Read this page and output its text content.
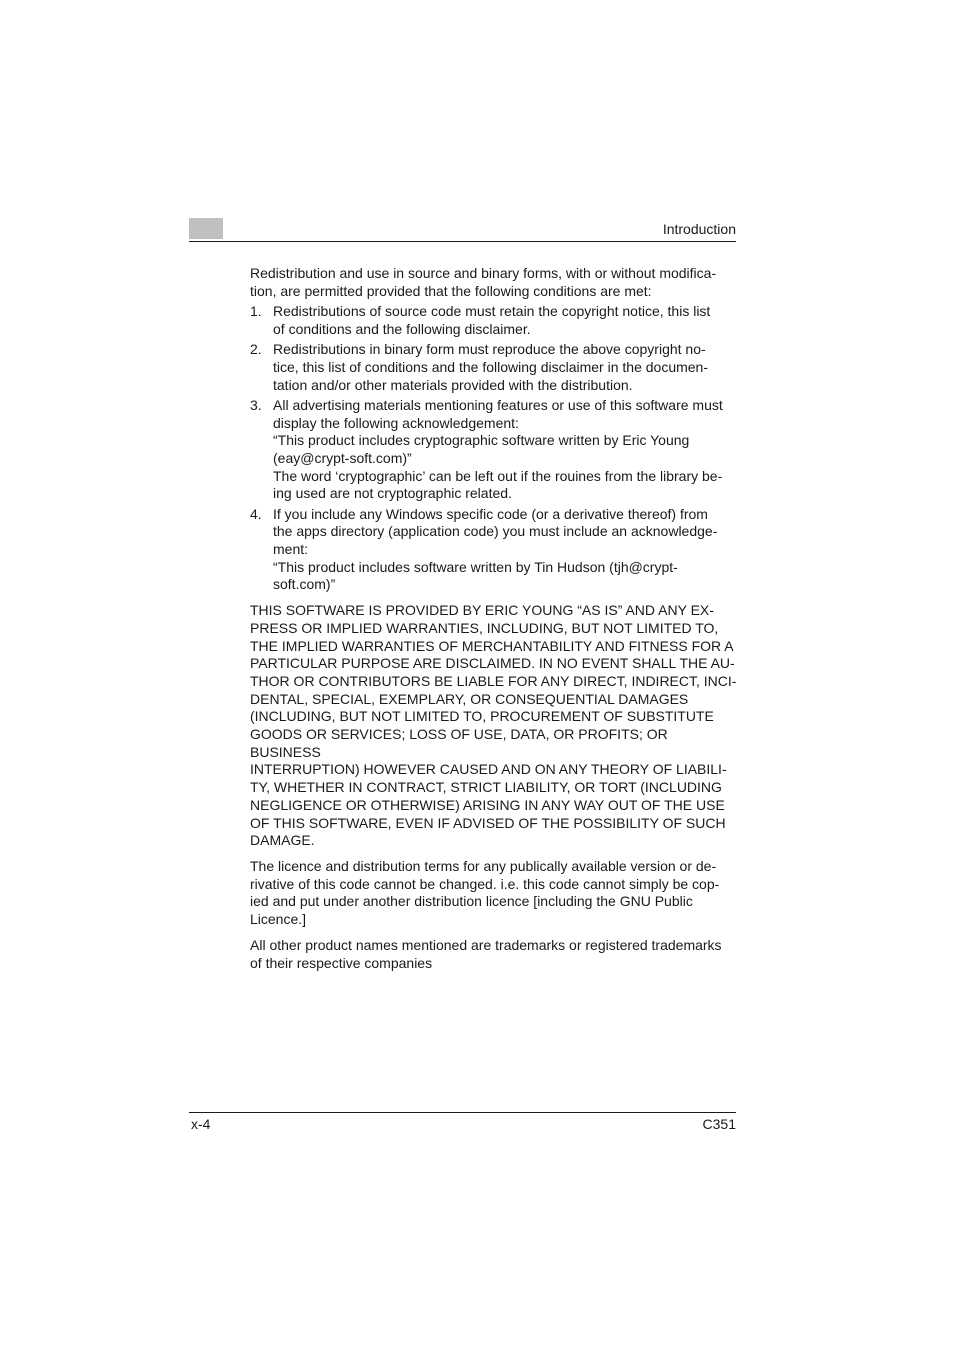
Introduction

Redistribution and use in source and binary forms, with or without modifica-
tion, are permitted provided that the following conditions are met:

1. Redistributions of source code must retain the copyright notice, this list
of conditions and the following disclaimer.
2. Redistributions in binary form must reproduce the above copyright no-
tice, this list of conditions and the following disclaimer in the documen-
tation and/or other materials provided with the distribution.
3. All advertising materials mentioning features or use of this software must
display the following acknowledgement:
“This product includes cryptographic software written by Eric Young
(eay@crypt-soft.com)”
The word ‘cryptographic’ can be left out if the rouines from the library be-
ing used are not cryptographic related.
4. If you include any Windows specific code (or a derivative thereof) from
the apps directory (application code) you must include an acknowledge-
ment:
“This product includes software written by Tin Hudson (tjh@crypt-
soft.com)”

THIS SOFTWARE IS PROVIDED BY ERIC YOUNG “AS IS” AND ANY EX-
PRESS OR IMPLIED WARRANTIES, INCLUDING, BUT NOT LIMITED TO,
THE IMPLIED WARRANTIES OF MERCHANTABILITY AND FITNESS FOR A
PARTICULAR PURPOSE ARE DISCLAIMED. IN NO EVENT SHALL THE AU-
THOR OR CONTRIBUTORS BE LIABLE FOR ANY DIRECT, INDIRECT, INCI-
DENTAL, SPECIAL, EXEMPLARY, OR CONSEQUENTIAL DAMAGES
(INCLUDING, BUT NOT LIMITED TO, PROCUREMENT OF SUBSTITUTE
GOODS OR SERVICES; LOSS OF USE, DATA, OR PROFITS; OR BUSINESS
INTERRUPTION) HOWEVER CAUSED AND ON ANY THEORY OF LIABILI-
TY, WHETHER IN CONTRACT, STRICT LIABILITY, OR TORT (INCLUDING
NEGLIGENCE OR OTHERWISE) ARISING IN ANY WAY OUT OF THE USE
OF THIS SOFTWARE, EVEN IF ADVISED OF THE POSSIBILITY OF SUCH
DAMAGE.

The licence and distribution terms for any publically available version or de-
rivative of this code cannot be changed. i.e. this code cannot simply be cop-
ied and put under another distribution licence [including the GNU Public
Licence.]

All other product names mentioned are trademarks or registered trademarks
of their respective companies

x-4	C351
